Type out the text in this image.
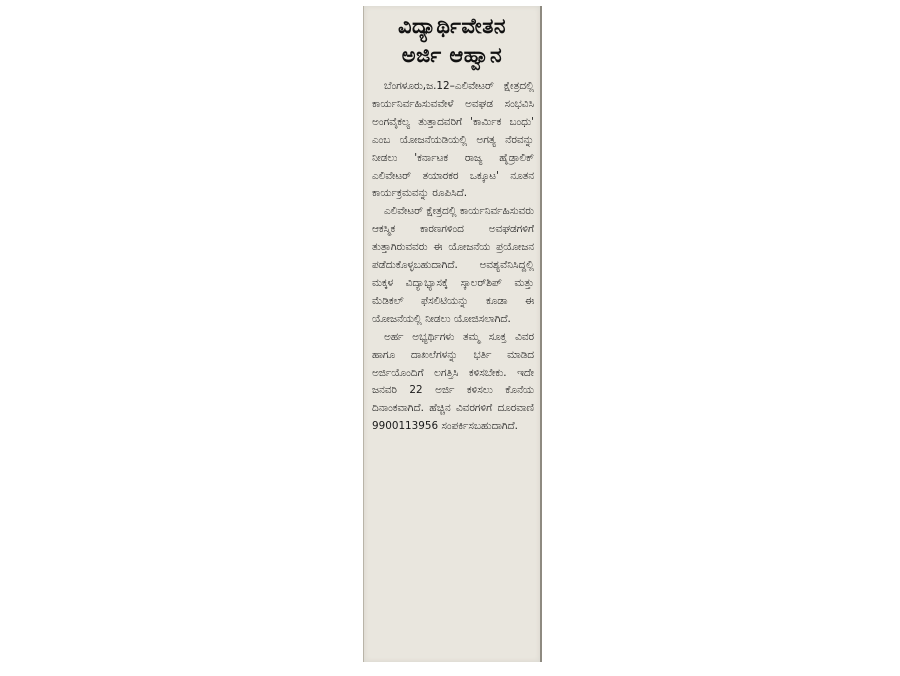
ವಿದ್ಯಾರ್ಥಿವೇತನ
ಅರ್ಜಿ ಆಹ್ವಾನ

ಬೆಂಗಳೂರು,ಜ.12–ಎಲಿವೇಟರ್ ಕ್ಷೇತ್ರದಲ್ಲಿ ಕಾರ್ಯನಿರ್ವಹಿಸುವವೇಳೆ ಅವಘಡ ಸಂಭವಿಸಿ ಅಂಗವೈಕಲ್ಯ ತುತ್ತಾದವರಿಗೆ 'ಕಾರ್ಮಿಕ ಬಂಧು' ಎಂಬ ಯೋಜನೆಯಡಿಯಲ್ಲಿ ಅಗತ್ಯ ನೆರವನ್ನು ನೀಡಲು 'ಕರ್ನಾಟಕ ರಾಜ್ಯ ಹೈಡ್ರಾಲಿಕ್ ಎಲಿವೇಟರ್ ತಯಾರಕರ ಒಕ್ಕೂಟ' ನೂತನ ಕಾರ್ಯಕ್ರಮವನ್ನು ರೂಪಿಸಿದೆ.

ಎಲಿವೇಟರ್ ಕ್ಷೇತ್ರದಲ್ಲಿ ಕಾರ್ಯನಿರ್ವಹಿಸುವರು ಆಕಸ್ಮಿಕ ಕಾರಣಗಳಿಂದ ಅವಘಡಗಳಿಗೆ ತುತ್ತಾಗಿರುವವರು ಈ ಯೋಜನೆಯ ಪ್ರಯೋಜನ ಪಡೆದುಕೊಳ್ಳಬಹುದಾಗಿದೆ. ಅವಶ್ಯವೆನಿಸಿದ್ದಲ್ಲಿ ಮಕ್ಕಳ ವಿದ್ಯಾಭ್ಯಾಸಕ್ಕೆ ಸ್ಕಾಲರ್‌ಶಿಪ್ ಮತ್ತು ಮೆಡಿಕಲ್ ಫೆಸಲಿಟಿಯನ್ನು ಕೂಡಾ ಈ ಯೋಜನೆಯಲ್ಲಿ ನೀಡಲು ಯೋಜಿಸಲಾಗಿದೆ.

ಅರ್ಹ ಅಭ್ಯರ್ಥಿಗಳು ತಮ್ಮ ಸೂಕ್ತ ವಿವರ ಹಾಗೂ ದಾಖಲೆಗಳನ್ನು ಭರ್ತಿ ಮಾಡಿದ ಅರ್ಜಿಯೊಂದಿಗೆ ಲಗತ್ತಿಸಿ ಕಳಿಸಬೇಕು. ಇದೇ ಜನವರಿ 22 ಅರ್ಜಿ ಕಳಿಸಲು ಕೊನೆಯ ದಿನಾಂಕವಾಗಿದೆ. ಹೆಚ್ಚಿನ ವಿವರಗಳಿಗೆ ದೂರವಾಣಿ 9900113956 ಸಂಪರ್ಕಿಸಬಹುದಾಗಿದೆ.
